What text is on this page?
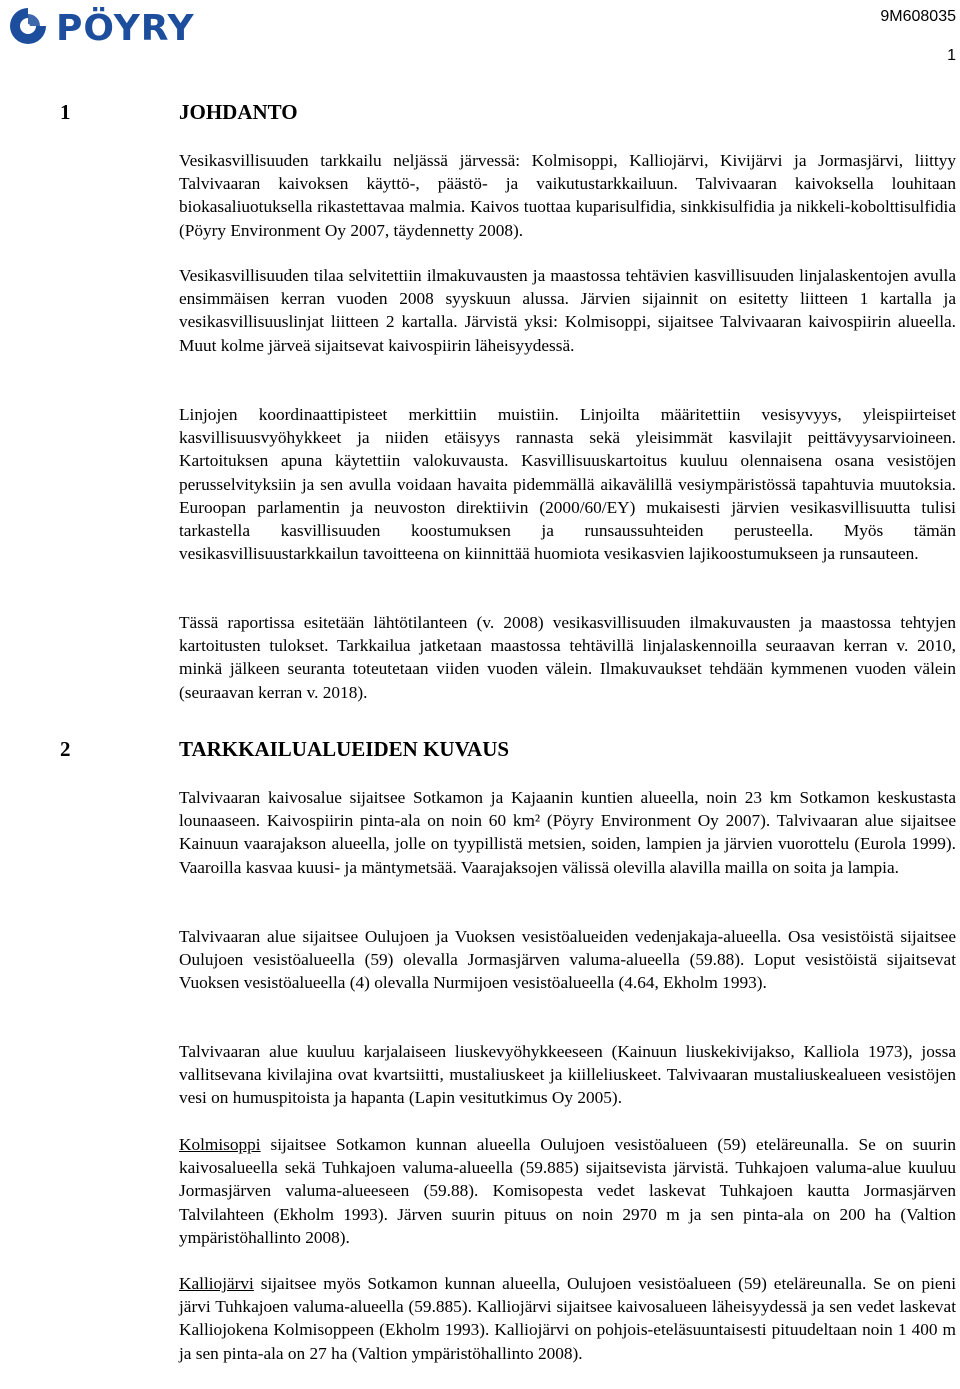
PÖYRY	9M608035
1
1	JOHDANTO

Vesikasvillisuuden tarkkailu neljässä järvessä: Kolmisoppi, Kalliojärvi, Kivijärvi ja Jormasjärvi, liittyy Talvivaaran kaivoksen käyttö-, päästö- ja vaikutustarkkailuun. Talvivaaran kaivoksella louhitaan biokasaliuotuksella rikastettavaa malmia. Kaivos tuottaa kuparisulfidia, sinkkisulfidia ja nikkeli-kobolttisulfidia (Pöyry Environment Oy 2007, täydennetty 2008).

Vesikasvillisuuden tilaa selvitettiin ilmakuvausten ja maastossa tehtävien kasvillisuuden linjalaskentojen avulla ensimmäisen kerran vuoden 2008 syyskuun alussa. Järvien sijainnit on esitetty liitteen 1 kartalla ja vesikasvillisuuslinjat liitteen 2 kartalla. Järvistä yksi: Kolmisoppi, sijaitsee Talvivaaran kaivospiirin alueella. Muut kolme järveä sijaitsevat kaivospiirin läheisyydessä.

Linjojen koordinaattipisteet merkittiin muistiin. Linjoilta määritettiin vesisyvyys, yleispiirteiset kasvillisuusvyöhykkeet ja niiden etäisyys rannasta sekä yleisimmät kasvilajit peittävyysarvioineen. Kartoituksen apuna käytettiin valokuvausta. Kasvillisuuskartoitus kuuluu olennaisena osana vesistöjen perusselvityksiin ja sen avulla voidaan havaita pidemmällä aikavälillä vesiympäristössä tapahtuvia muutoksia. Euroopan parlamentin ja neuvoston direktiivin (2000/60/EY) mukaisesti järvien vesikasvillisuutta tulisi tarkastella kasvillisuuden koostumuksen ja runsaussuhteiden perusteella. Myös tämän vesikasvillisuustarkkailun tavoitteena on kiinnittää huomiota vesikasvien lajikoostumukseen ja runsauteen.

Tässä raportissa esitetään lähtötilanteen (v. 2008) vesikasvillisuuden ilmakuvausten ja maastossa tehtyjen kartoitusten tulokset. Tarkkailua jatketaan maastossa tehtävillä linjalaskennoilla seuraavan kerran v. 2010, minkä jälkeen seuranta toteutetaan viiden vuoden välein. Ilmakuvaukset tehdään kymmenen vuoden välein (seuraavan kerran v. 2018).

2	TARKKAILUALUEIDEN KUVAUS

Talvivaaran kaivosalue sijaitsee Sotkamon ja Kajaanin kuntien alueella, noin 23 km Sotkamon keskustasta lounaaseen. Kaivospiirin pinta-ala on noin 60 km² (Pöyry Environment Oy 2007). Talvivaaran alue sijaitsee Kainuun vaarajakson alueella, jolle on tyypillistä metsien, soiden, lampien ja järvien vuorottelu (Eurola 1999). Vaaroilla kasvaa kuusi- ja mäntymetsää. Vaarajaksojen välissä olevilla alavilla mailla on soita ja lampia.

Talvivaaran alue sijaitsee Oulujoen ja Vuoksen vesistöalueiden vedenjakaja-alueella. Osa vesistöistä sijaitsee Oulujoen vesistöalueella (59) olevalla Jormasjärven valuma-alueella (59.88). Loput vesistöistä sijaitsevat Vuoksen vesistöalueella (4) olevalla Nurmijoen vesistöalueella (4.64, Ekholm 1993).

Talvivaaran alue kuuluu karjalaiseen liuskevyöhykkeeseen (Kainuun liuskekivijakso, Kalliola 1973), jossa vallitsevana kivilajina ovat kvartsiitti, mustaliuskeet ja kiilleliuskeet. Talvivaaran mustaliuskealueen vesistöjen vesi on humuspitoista ja hapanta (Lapin vesitutkimus Oy 2005).

Kolmisoppi sijaitsee Sotkamon kunnan alueella Oulujoen vesistöalueen (59) eteläreunalla. Se on suurin kaivosalueella sekä Tuhkajoen valuma-alueella (59.885) sijaitsevista järvistä. Tuhkajoen valuma-alue kuuluu Jormasjärven valuma-alueeseen (59.88). Komisopesta vedet laskevat Tuhkajoen kautta Jormasjärven Talvilahteen (Ekholm 1993). Järven suurin pituus on noin 2970 m ja sen pinta-ala on 200 ha (Valtion ympäristöhallinto 2008).

Kalliojärvi sijaitsee myös Sotkamon kunnan alueella, Oulujoen vesistöalueen (59) eteläreunalla. Se on pieni järvi Tuhkajoen valuma-alueella (59.885). Kalliojärvi sijaitsee kaivosalueen läheisyydessä ja sen vedet laskevat Kalliojokena Kolmisoppeen (Ekholm 1993). Kalliojärvi on pohjois-eteläsuuntaisesti pituudeltaan noin 1 400 m ja sen pinta-ala on 27 ha (Valtion ympäristöhallinto 2008).
